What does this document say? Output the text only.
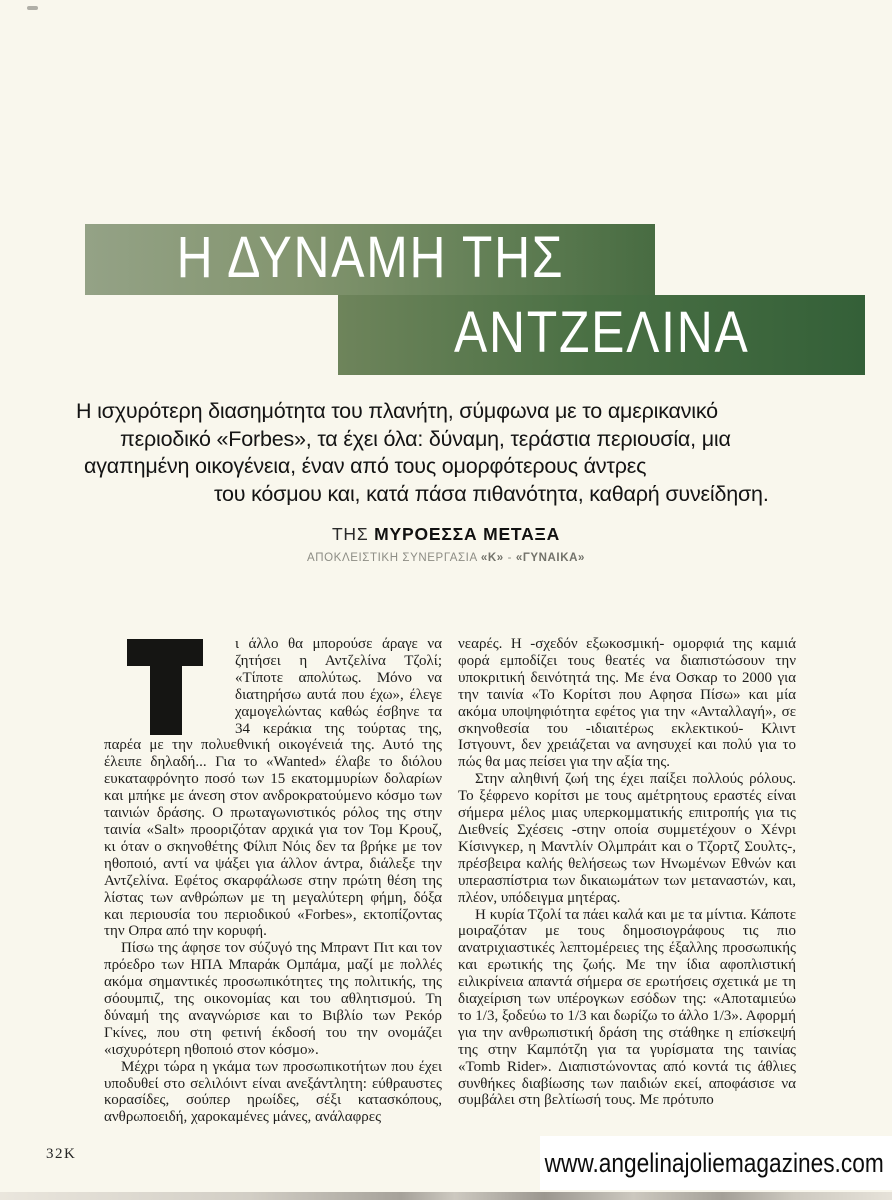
Η ΔΥΝΑΜΗ ΤΗΣ
ΑΝΤΖΕΛΙΝΑ
Η ισχυρότερη διασημότητα του πλανήτη, σύμφωνα με το αμερικανικό
περιοδικό «Forbes», τα έχει όλα: δύναμη, τεράστια περιουσία, μια
αγαπημένη οικογένεια, έναν από τους ομορφότερους άντρες
του κόσμου και, κατά πάσα πιθανότητα, καθαρή συνείδηση.
ΤΗΣ ΜΥΡΟΕΣΣΑ ΜΕΤΑΞΑ
ΑΠΟΚΛΕΙΣΤΙΚΗ ΣΥΝΕΡΓΑΣΙΑ «Κ» - «ΓΥΝΑΙΚΑ»

ι άλλο θα μπορούσε άραγε να ζητήσει η Αντζελίνα Τζολί; «Τίποτε απολύτως. Μόνο να διατηρήσω αυτά που έχω», έλεγε χαμογελώντας καθώς έσβηνε τα 34 κεράκια της τούρτας της, παρέα με την πολυεθνική οικογένειά της. Αυτό της έλειπε δηλαδή... Για το «Wanted» έλαβε το διόλου ευκαταφρόνητο ποσό των 15 εκατομμυρίων δολαρίων και μπήκε με άνεση στον ανδροκρατούμενο κόσμο των ταινιών δράσης. Ο πρωταγωνιστικός ρόλος της στην ταινία «Salt» προοριζόταν αρχικά για τον Τομ Κρουζ, κι όταν ο σκηνοθέτης Φίλιπ Νόις δεν τα βρήκε με τον ηθοποιό, αντί να ψάξει για άλλον άντρα, διάλεξε την Αντζελίνα. Εφέτος σκαρφάλωσε στην πρώτη θέση της λίστας των ανθρώπων με τη μεγαλύτερη φήμη, δόξα και περιουσία του περιοδικού «Forbes», εκτοπίζοντας την Οπρα από την κορυφή.

Πίσω της άφησε τον σύζυγό της Μπραντ Πιτ και τον πρόεδρο των ΗΠΑ Μπαράκ Ομπάμα, μαζί με πολλές ακόμα σημαντικές προσωπικότητες της πολιτικής, της σόουμπιζ, της οικονομίας και του αθλητισμού. Τη δύναμή της αναγνώρισε και το Βιβλίο των Ρεκόρ Γκίνες, που στη φετινή έκδοσή του την ονομάζει «ισχυρότερη ηθοποιό στον κόσμο».

Μέχρι τώρα η γκάμα των προσωπικοτήτων που έχει υποδυθεί στο σελιλόιντ είναι ανεξάντλητη: εύθραυστες κορασίδες, σούπερ ηρωίδες, σέξι κατασκόπους, ανθρωποειδή, χαροκαμένες μάνες, ανάλαφρες

νεαρές. Η -σχεδόν εξωκοσμική- ομορφιά της καμιά φορά εμποδίζει τους θεατές να διαπιστώσουν την υποκριτική δεινότητά της. Με ένα Οσκαρ το 2000 για την ταινία «Το Κορίτσι που Αφησα Πίσω» και μία ακόμα υποψηφιότητα εφέτος για την «Ανταλλαγή», σε σκηνοθεσία του -ιδιαιτέρως εκλεκτικού- Κλιντ Ιστγουντ, δεν χρειάζεται να ανησυχεί και πολύ για το πώς θα μας πείσει για την αξία της.

Στην αληθινή ζωή της έχει παίξει πολλούς ρόλους. Το ξέφρενο κορίτσι με τους αμέτρητους εραστές είναι σήμερα μέλος μιας υπερκομματικής επιτροπής για τις Διεθνείς Σχέσεις -στην οποία συμμετέχουν ο Χένρι Κίσινγκερ, η Μαντλίν Ολμπράιτ και ο Τζορτζ Σουλτς-, πρέσβειρα καλής θελήσεως των Ηνωμένων Εθνών και υπερασπίστρια των δικαιωμάτων των μεταναστών, και, πλέον, υπόδειγμα μητέρας.

Η κυρία Τζολί τα πάει καλά και με τα μίντια. Κάποτε μοιραζόταν με τους δημοσιογράφους τις πιο ανατριχιαστικές λεπτομέρειες της έξαλλης προσωπικής και ερωτικής της ζωής. Με την ίδια αφοπλιστική ειλικρίνεια απαντά σήμερα σε ερωτήσεις σχετικά με τη διαχείριση των υπέρογκων εσόδων της: «Αποταμιεύω το 1/3, ξοδεύω το 1/3 και δωρίζω το άλλο 1/3». Αφορμή για την ανθρωπιστική δράση της στάθηκε η επίσκεψή της στην Καμπότζη για τα γυρίσματα της ταινίας «Tomb Rider». Διαπιστώνοντας από κοντά τις άθλιες συνθήκες διαβίωσης των παιδιών εκεί, αποφάσισε να συμβάλει στη βελτίωσή τους. Με πρότυπο

32K	www.angelinajoliemagazines.com
